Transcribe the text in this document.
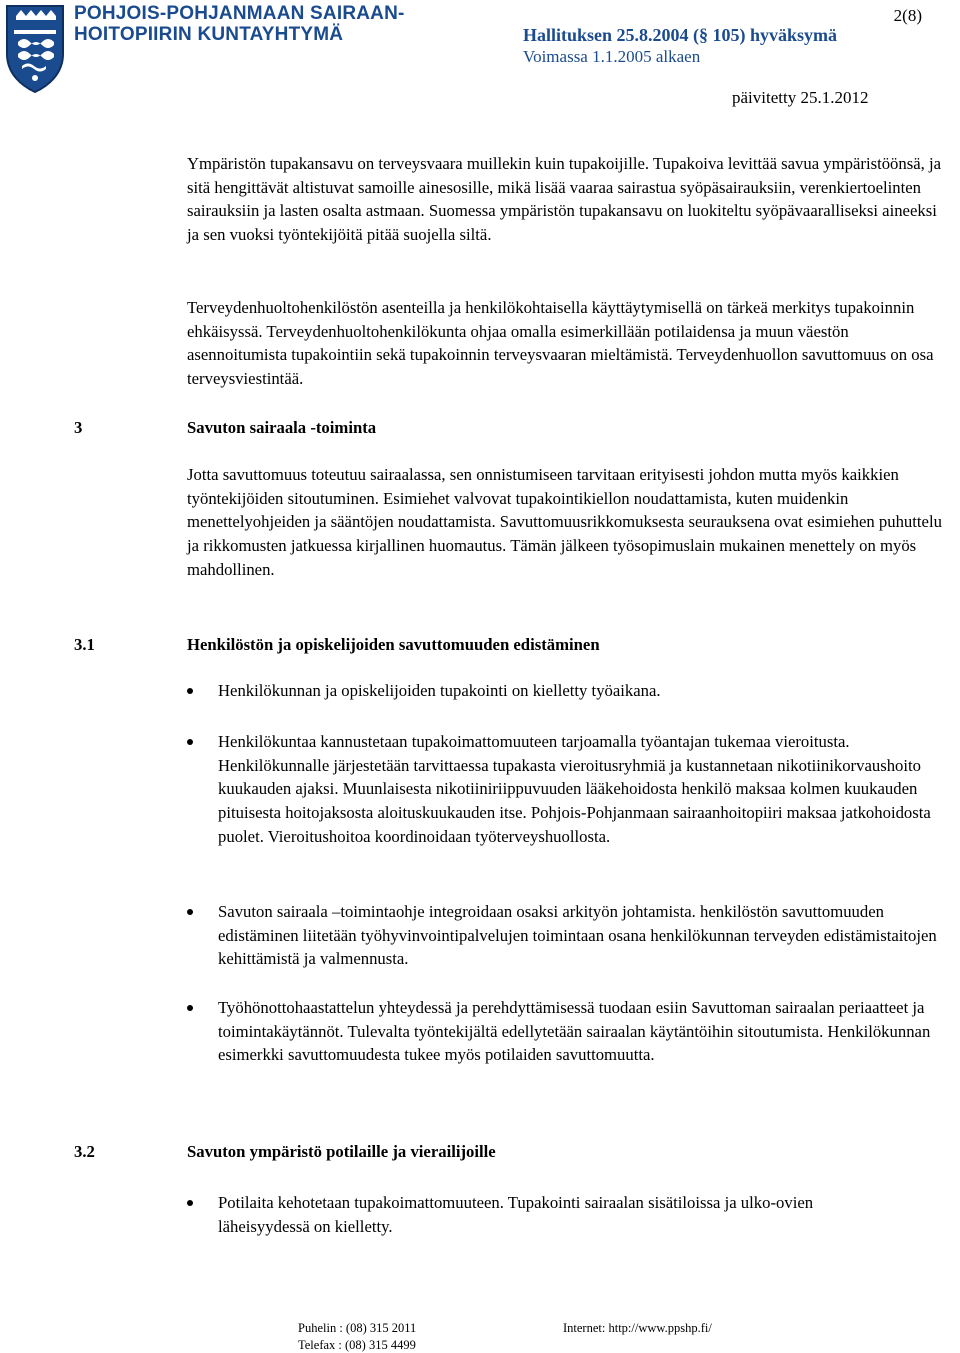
POHJOIS-POHJANMAAN SAIRAAN-
HOITOPIIRIN KUNTAYHTYMÄ
2(8)
Hallituksen 25.8.2004 (§ 105) hyväksymä
Voimassa 1.1.2005 alkaen
päivitetty 25.1.2012
Ympäristön tupakansavu on terveysvaara muillekin kuin tupakoijille. Tupakoiva levittää savua ympäristöönsä, ja sitä hengittävät altistuvat samoille ainesosille, mikä lisää vaaraa sairastua syöpäsairauksiin, verenkiertoelinten sairauksiin ja lasten osalta astmaan. Suomessa ympäristön tupakansavu on luokiteltu syöpävaaralliseksi aineeksi ja sen vuoksi työntekijöitä pitää suojella siltä.
Terveydenhuoltohenkilöstön asenteilla ja henkilökohtaisella käyttäytymisellä on tärkeä merkitys tupakoinnin ehkäisyssä. Terveydenhuoltohenkilökunta ohjaa omalla esimerkillään potilaidensa ja muun väestön asennoitumista tupakointiin sekä tupakoinnin terveysvaaran mieltämistä. Terveydenhuollon savuttomuus on osa terveysviestintää.
3	Savuton sairaala -toiminta
Jotta savuttomuus toteutuu sairaalassa, sen onnistumiseen tarvitaan erityisesti johdon mutta myös kaikkien työntekijöiden sitoutuminen. Esimiehet valvovat tupakointikiellon noudattamista, kuten muidenkin menettelyohjeiden ja sääntöjen noudattamista. Savuttomuusrikkomuksesta seurauksena ovat esimiehen puhuttelu ja rikkomusten jatkuessa kirjallinen huomautus. Tämän jälkeen työsopimuslain mukainen menettely on myös mahdollinen.
3.1	Henkilöstön ja opiskelijoiden savuttomuuden edistäminen
Henkilökunnan ja opiskelijoiden tupakointi on kielletty työaikana.
Henkilökuntaa kannustetaan tupakoimattomuuteen tarjoamalla työantajan tukemaa vieroitusta. Henkilökunnalle järjestetään tarvittaessa tupakasta vieroitusryhmiä ja kustannetaan nikotiinikorvaushoito kuukauden ajaksi. Muunlaisesta nikotiiniriippuvuuden lääkehoidosta henkilö maksaa kolmen kuukauden pituisesta hoitojaksosta aloituskuukauden itse. Pohjois-Pohjanmaan sairaanhoitopiiri maksaa jatkohoidosta puolet. Vieroitushoitoa koordinoidaan työterveyshuollosta.
Savuton sairaala –toimintaohje integroidaan osaksi arkityön johtamista. henkilöstön savuttomuuden edistäminen liitetään työhyvinvointipalvelujen toimintaan osana henkilökunnan terveyden edistämistaitojen kehittämistä ja valmennusta.
Työhönottohaastattelun yhteydessä ja perehdyttämisessä tuodaan esiin Savuttoman sairaalan periaatteet ja toimintakäytännöt. Tulevalta työntekijältä edellytetään sairaalan käytäntöihin sitoutumista. Henkilökunnan esimerkki savuttomuudesta tukee myös potilaiden savuttomuutta.
3.2	Savuton ympäristö potilaille ja vierailijoille
Potilaita kehotetaan tupakoimattomuuteen. Tupakointi sairaalan sisätiloissa ja ulko-ovien läheisyydessä on kielletty.
Puhelin : (08) 315 2011
Telefax : (08) 315 4499
Internet: http://www.ppshp.fi/
